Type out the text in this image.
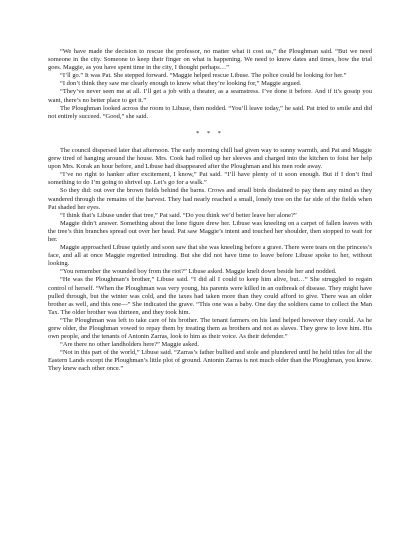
“We have made the decision to rescue the professor, no matter what it cost us,” the Ploughman said. “But we need someone in the city. Someone to keep their finger on what is happening. We need to know dates and times, how the trial goes. Maggie, as you have spent time in the city, I thought perhaps…”

“I’ll go.” It was Pat. She stepped forward. “Maggie helped rescue Libuse. The police could be looking for her.”

“I don’t think they saw me clearly enough to know what they’re looking for,” Maggie argued.

“They’ve never seen me at all. I’ll get a job with a theater, as a seamstress. I’ve done it before. And if it’s gossip you want, there’s no better place to get it.”

The Ploughman looked across the room to Libuse, then nodded. “You’ll leave today,” he said. Pat tried to smile and did not entirely succeed. “Good,” she said.

* * *

The council dispersed later that afternoon. The early morning chill had given way to sunny warmth, and Pat and Maggie grew tired of hanging around the house. Mrs. Cook had rolled up her sleeves and charged into the kitchen to foist her help upon Mrs. Korak an hour before, and Libuse had disappeared after the Ploughman and his men rode away.

“I’ve no right to hanker after excitement, I know,” Pat said. “I’ll have plenty of it soon enough. But if I don’t find something to do I’m going to shrivel up. Let’s go for a walk.”

So they did: out over the brown fields behind the barns. Crows and small birds disdained to pay them any mind as they wandered through the remains of the harvest. They had nearly reached a small, lonely tree on the far side of the fields when Pat shaded her eyes.

“I think that’s Libuse under that tree,” Pat said. “Do you think we’d better leave her alone?”

Maggie didn’t answer. Something about the lone figure drew her. Libuse was kneeling on a carpet of fallen leaves with the tree’s thin branches spread out over her head. Pat saw Maggie’s intent and touched her shoulder, then stopped to wait for her.

Maggie approached Libuse quietly and soon saw that she was kneeling before a grave. There were tears on the princess’s face, and all at once Maggie regretted intruding. But she did not have time to leave before Libuse spoke to her, without looking.

“You remember the wounded boy from the riot?” Libuse asked. Maggie knelt down beside her and nodded.

“He was the Ploughman’s brother,” Libuse said. “I did all I could to keep him alive, but…” She struggled to regain control of herself. “When the Ploughman was very young, his parents were killed in an outbreak of disease. They might have pulled through, but the winter was cold, and the taxes had taken more than they could afford to give. There was an older brother as well, and this one—” She indicated the grave. “This one was a baby. One day the soldiers came to collect the Man Tax. The older brother was thirteen, and they took him.

“The Ploughman was left to take care of his brother. The tenant farmers on his land helped however they could. As he grew older, the Ploughman vowed to repay them by treating them as brothers and not as slaves. They grew to love him. His own people, and the tenants of Antonin Zarras, look to him as their voice. As their defender.”

“Are there no other landholders here?” Maggie asked.

“Not in this part of the world,” Libuse said. “Zarras’s father bullied and stole and plundered until he held titles for all the Eastern Lands except the Ploughman’s little plot of ground. Antonin Zarras is not much older than the Ploughman, you know. They knew each other once.”
